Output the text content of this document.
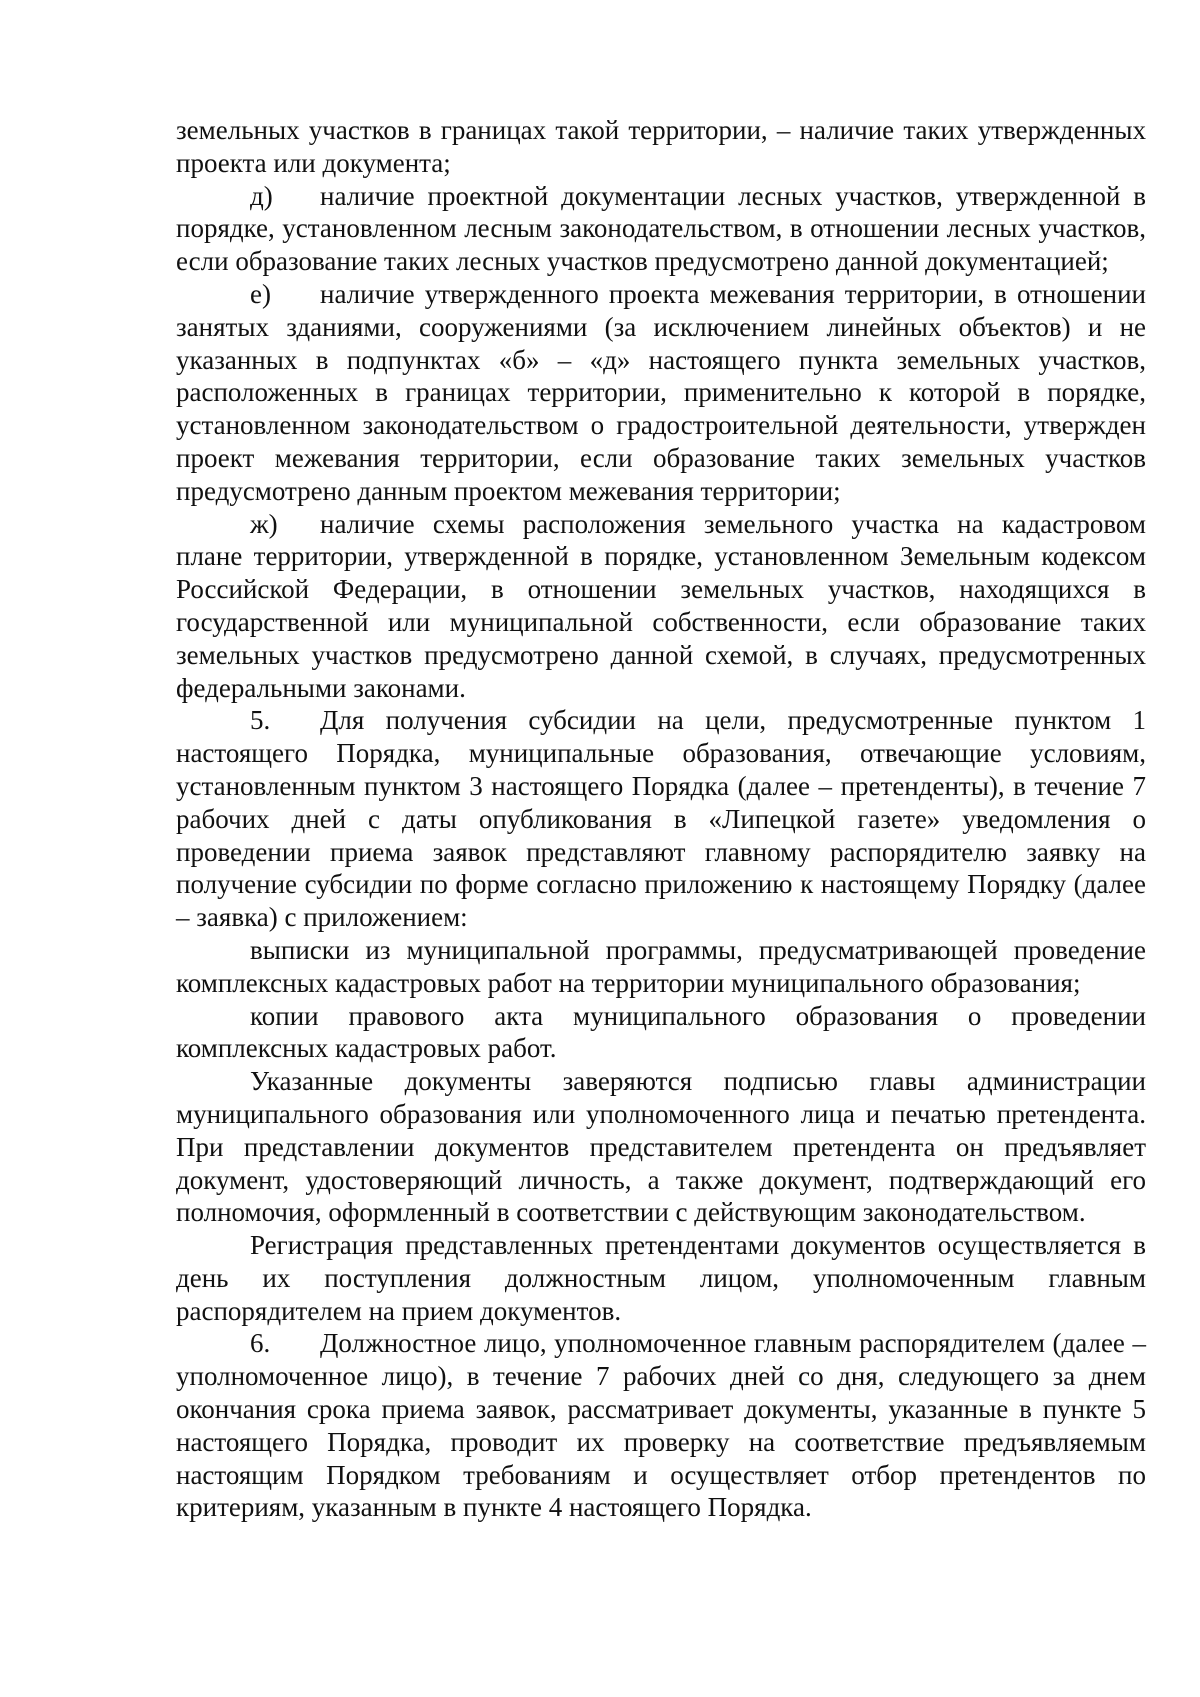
земельных участков в границах такой территории, – наличие таких утвержденных проекта или документа;

д) наличие проектной документации лесных участков, утвержденной в порядке, установленном лесным законодательством, в отношении лесных участков, если образование таких лесных участков предусмотрено данной документацией;

е) наличие утвержденного проекта межевания территории, в отношении занятых зданиями, сооружениями (за исключением линейных объектов) и не указанных в подпунктах «б» – «д» настоящего пункта земельных участков, расположенных в границах территории, применительно к которой в порядке, установленном законодательством о градостроительной деятельности, утвержден проект межевания территории, если образование таких земельных участков предусмотрено данным проектом межевания территории;

ж) наличие схемы расположения земельного участка на кадастровом плане территории, утвержденной в порядке, установленном Земельным кодексом Российской Федерации, в отношении земельных участков, находящихся в государственной или муниципальной собственности, если образование таких земельных участков предусмотрено данной схемой, в случаях, предусмотренных федеральными законами.

5. Для получения субсидии на цели, предусмотренные пунктом 1 настоящего Порядка, муниципальные образования, отвечающие условиям, установленным пунктом 3 настоящего Порядка (далее – претенденты), в течение 7 рабочих дней с даты опубликования в «Липецкой газете» уведомления о проведении приема заявок представляют главному распорядителю заявку на получение субсидии по форме согласно приложению к настоящему Порядку (далее – заявка) с приложением:

выписки из муниципальной программы, предусматривающей проведение комплексных кадастровых работ на территории муниципального образования;

копии правового акта муниципального образования о проведении комплексных кадастровых работ.

Указанные документы заверяются подписью главы администрации муниципального образования или уполномоченного лица и печатью претендента. При представлении документов представителем претендента он предъявляет документ, удостоверяющий личность, а также документ, подтверждающий его полномочия, оформленный в соответствии с действующим законодательством.

Регистрация представленных претендентами документов осуществляется в день их поступления должностным лицом, уполномоченным главным распорядителем на прием документов.

6. Должностное лицо, уполномоченное главным распорядителем (далее – уполномоченное лицо), в течение 7 рабочих дней со дня, следующего за днем окончания срока приема заявок, рассматривает документы, указанные в пункте 5 настоящего Порядка, проводит их проверку на соответствие предъявляемым настоящим Порядком требованиям и осуществляет отбор претендентов по критериям, указанным в пункте 4 настоящего Порядка.
